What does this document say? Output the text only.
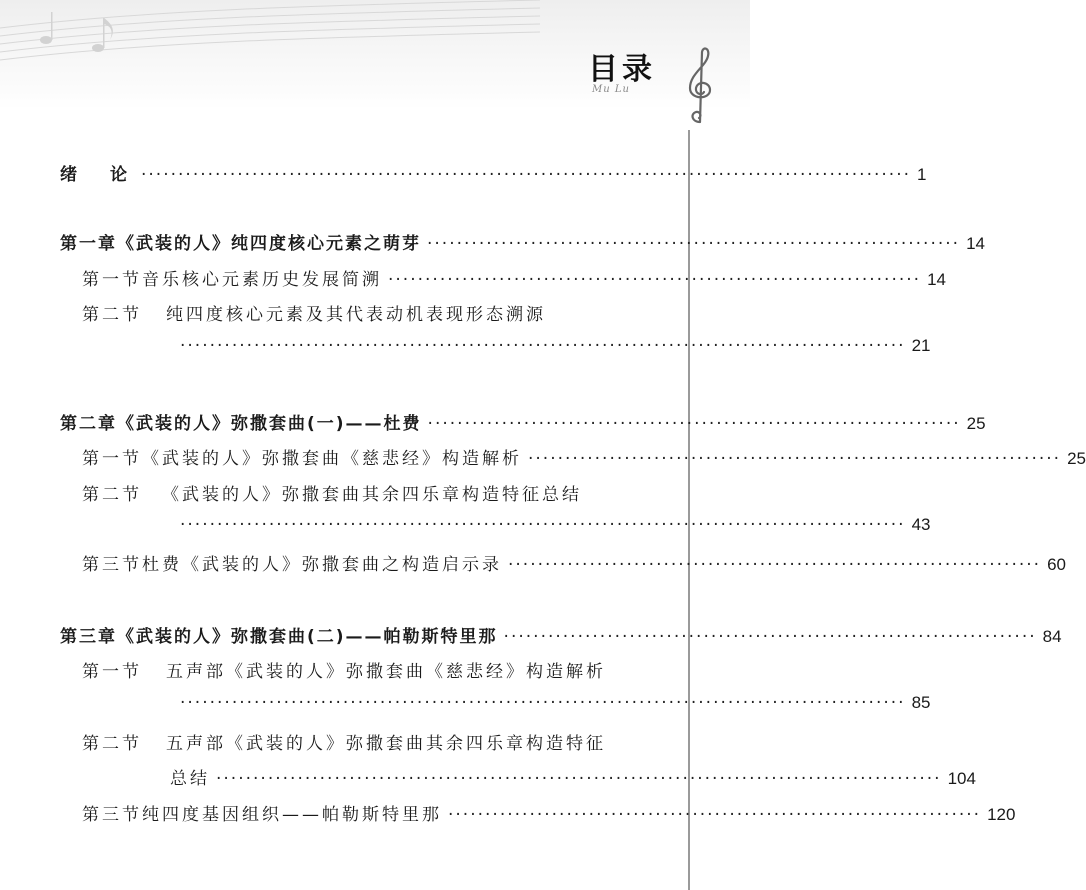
目录
Mu Lu
绪　论 ········································································································ 1
第一章 《武装的人》纯四度核心元素之萌芽 ········································································ 14
第一节 音乐核心元素历史发展简溯 ········································································ 14
第二节 纯四度核心元素及其代表动机表现形态溯源
·································································································· 21
第二章 《武装的人》弥撒套曲(一)——杜费 ········································································ 25
第一节 《武装的人》弥撒套曲《慈悲经》构造解析 ········································································ 25
第二节 《武装的人》弥撒套曲其余四乐章构造特征总结
·································································································· 43
第三节 杜费《武装的人》弥撒套曲之构造启示录 ········································································ 60
第三章 《武装的人》弥撒套曲(二)——帕勒斯特里那 ········································································ 84
第一节 五声部《武装的人》弥撒套曲《慈悲经》构造解析
·································································································· 85
第二节 五声部《武装的人》弥撒套曲其余四乐章构造特征
总结 ·································································································· 104
第三节 纯四度基因组织——帕勒斯特里那 ········································································ 120
